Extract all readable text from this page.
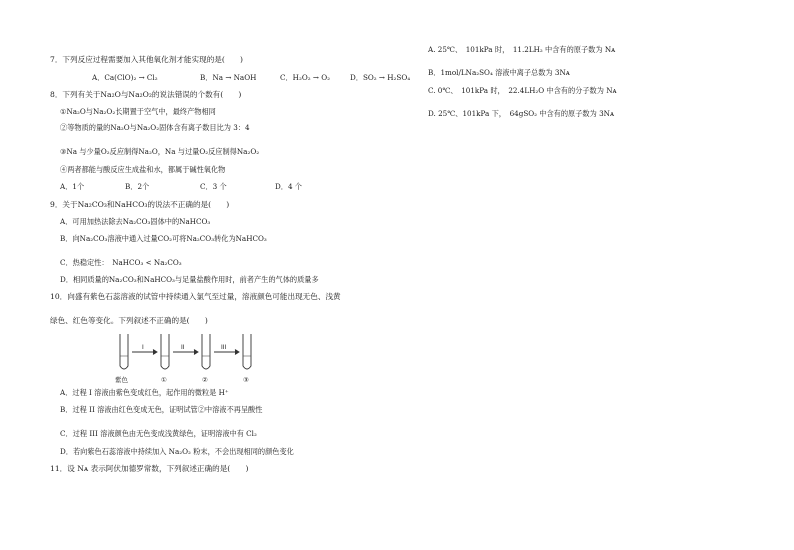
7．下列反应过程需要加入其他氧化剂才能实现的是(　　)
A．Ca(ClO)₂ → Cl₂	B．Na → NaOH	C．H₂O₂ → O₂	D．SO₂ → H₂SO₄
8．下列有关于Na₂O与Na₂O₂的说法错误的个数有(　　)
①Na₂O与Na₂O₂长期置于空气中，最终产物相同
②等物质的量的Na₂O与Na₂O₂固体含有离子数目比为 3：4
③Na 与少量O₂反应制得Na₂O，Na 与过量O₂反应制得Na₂O₂
④两者都能与酸反应生成盐和水，都属于碱性氧化物
A．1个	B．2个	C．3 个	D．4 个
9．关于Na₂CO₃和NaHCO₃的说法不正确的是(　　)
A．可用加热法除去Na₂CO₃固体中的NaHCO₃
B．向Na₂CO₃溶液中通入过量CO₂可将Na₂CO₃转化为NaHCO₃
C．热稳定性：　NaHCO₃ < Na₂CO₃
D．相同质量的Na₂CO₃和NaHCO₃与足量盐酸作用时，前者产生的气体的质量多
10．向盛有紫色石蕊溶液的试管中持续通入氯气至过量，溶液颜色可能出现无色、浅黄
绿色、红色等变化。下列叙述不正确的是(　　)
I	II	III
紫色	①	②	③
A．过程 I 溶液由紫色变成红色，起作用的微粒是 H⁺
B．过程 II 溶液由红色变成无色，证明试管②中溶液不再呈酸性
C．过程 III 溶液颜色由无色变成浅黄绿色，证明溶液中有 Cl₂
D．若向紫色石蕊溶液中持续加入 Na₂O₂ 粉末，不会出现相同的颜色变化
11．设 Nᴀ 表示阿伏加德罗常数，下列叙述正确的是(　　)
A. 25℃、　101kPa 时，　11.2LH₂ 中含有的原子数为 Nᴀ
B．1mol/LNa₂SO₄ 溶液中离子总数为 3Nᴀ
C. 0℃、　101kPa 时，　22.4LH₂O 中含有的分子数为 Nᴀ
D. 25℃、101kPa 下，　64gSO₂ 中含有的原子数为 3Nᴀ
